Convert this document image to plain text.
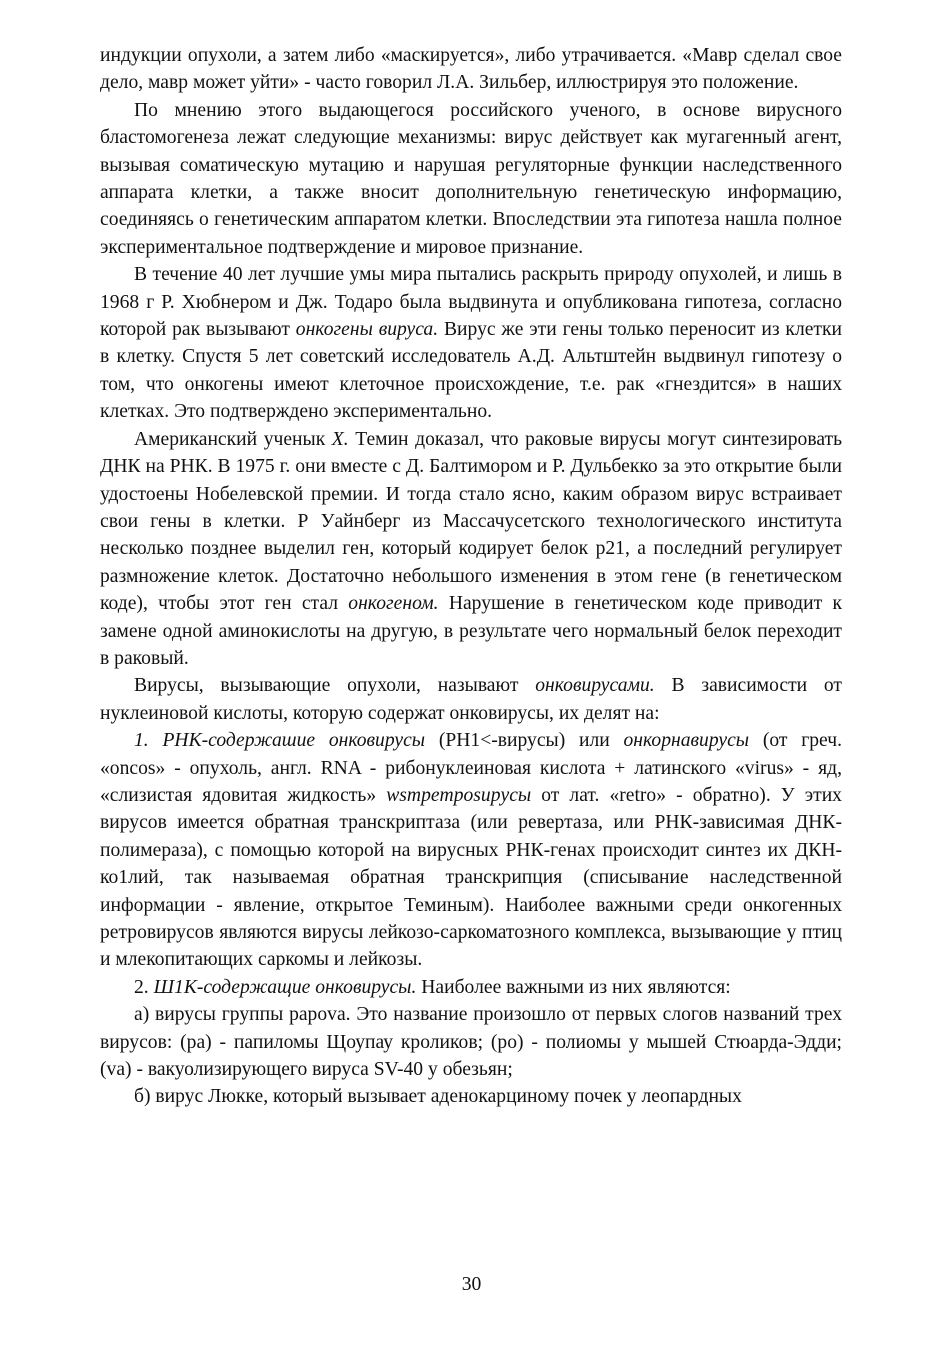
индукции опухоли, а затем либо «маскируется», либо утрачивается. «Мавр сделал свое дело, мавр может уйти» - часто говорил Л.А. Зильбер, иллюстрируя это положение.

По мнению этого выдающегося российского ученого, в основе вирусного бластомогенеза лежат следующие механизмы: вирус действует как мугагенный агент, вызывая соматическую мутацию и нарушая регуляторные функции наследственного аппарата клетки, а также вносит дополнительную генетическую информацию, соединяясь о генетическим аппаратом клетки. Впоследствии эта гипотеза нашла полное экспериментальное подтверждение и мировое признание.

В течение 40 лет лучшие умы мира пытались раскрыть природу опухолей, и лишь в 1968 г Р. Хюбнером и Дж. Тодаро была выдвинута и опубликована гипотеза, согласно которой рак вызывают онкогены вируса. Вирус же эти гены только переносит из клетки в клетку. Спустя 5 лет советский исследователь А.Д. Альтштейн выдвинул гипотезу о том, что онкогены имеют клеточное происхождение, т.е. рак «гнездится» в наших клетках. Это подтверждено экспериментально.

Американский ученык X. Темин доказал, что раковые вирусы могут синтезировать ДНК на РНК. В 1975 г. они вместе с Д. Балтимором и Р. Дульбекко за это открытие были удостоены Нобелевской премии. И тогда стало ясно, каким образом вирус встраивает свои гены в клетки. Р Уайнберг из Массачусетского технологического института несколько позднее выделил ген, который кодирует белок р21, а последний регулирует размножение клеток. Достаточно небольшого изменения в этом гене (в генетическом коде), чтобы этот ген стал онкогеном. Нарушение в генетическом коде приводит к замене одной аминокислоты на другую, в результате чего нормальный белок переходит в раковый.

Вирусы, вызывающие опухоли, называют онковирусами. В зависимости от нуклеиновой кислоты, которую содержат онковирусы, их делят на:

1. РНК-содержашие онковирусы (РН1<-вирусы) или онкорнавирусы (от греч. «oncos» - опухоль, англ. RNA - рибонуклеиновая кислота + латинского «virus» - яд, «слизистая ядовитая жидкость» wsmpemposupycы от лат. «retro» - обратно). У этих вирусов имеется обратная транскриптаза (или ревертаза, или РНК-зависимая ДНК-полимераза), с помощью которой на вирусных РНК-генах происходит синтез их ДКН-ко1лий, так называемая обратная транскрипция (списывание наследственной информации - явление, открытое Теминым). Наиболее важными среди онкогенных ретровирусов являются вирусы лейкозо-саркоматозного комплекса, вызывающие у птиц и млекопитающих саркомы и лейкозы.

2. Ш1К-содержащие онковирусы. Наиболее важными из них являются:

а) вирусы группы papova. Это название произошло от первых слогов названий трех вирусов: (pa) - папиломы Щоупау кроликов; (ро) - полиомы у мышей Стюарда-Эдди; (va) - вакуолизирующего вируса SV-40 у обезьян;

б) вирус Люкке, который вызывает аденокарциному почек у леопардных

30
